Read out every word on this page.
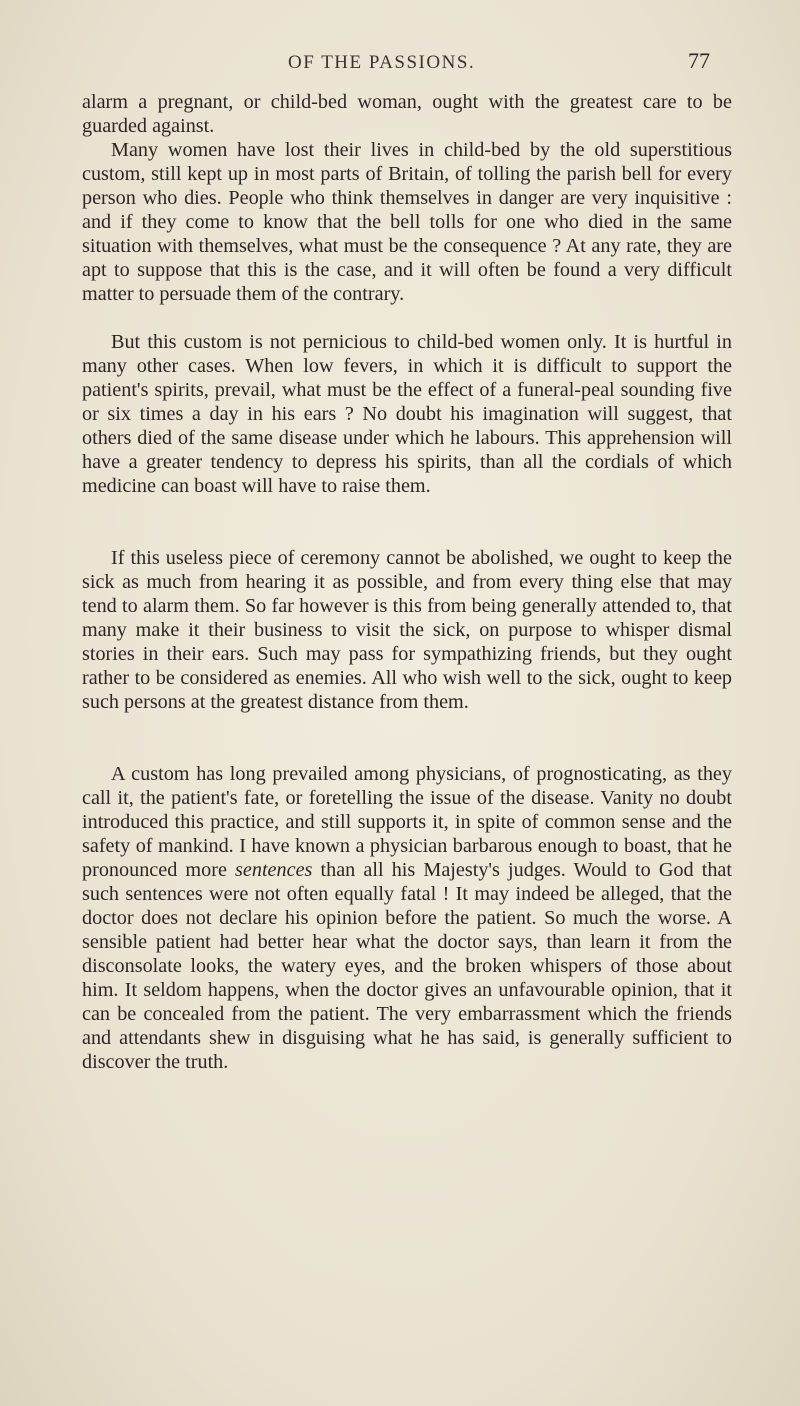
OF THE PASSIONS.	77

alarm a pregnant, or child-bed woman, ought with the greatest care to be guarded against.

Many women have lost their lives in child-bed by the old superstitious custom, still kept up in most parts of Britain, of tolling the parish bell for every person who dies. People who think themselves in danger are very inquisitive : and if they come to know that the bell tolls for one who died in the same situation with themselves, what must be the consequence ? At any rate, they are apt to suppose that this is the case, and it will often be found a very difficult matter to persuade them of the contrary.

But this custom is not pernicious to child-bed women only. It is hurtful in many other cases. When low fevers, in which it is difficult to support the patient's spirits, prevail, what must be the effect of a funeral-peal sounding five or six times a day in his ears ? No doubt his imagination will suggest, that others died of the same disease under which he labours. This apprehension will have a greater tendency to depress his spirits, than all the cordials of which medicine can boast will have to raise them.

If this useless piece of ceremony cannot be abolished, we ought to keep the sick as much from hearing it as possible, and from every thing else that may tend to alarm them. So far however is this from being generally attended to, that many make it their business to visit the sick, on purpose to whisper dismal stories in their ears. Such may pass for sympathizing friends, but they ought rather to be considered as enemies. All who wish well to the sick, ought to keep such persons at the greatest distance from them.

A custom has long prevailed among physicians, of prognosticating, as they call it, the patient's fate, or foretelling the issue of the disease. Vanity no doubt introduced this practice, and still supports it, in spite of common sense and the safety of mankind. I have known a physician barbarous enough to boast, that he pronounced more sentences than all his Majesty's judges. Would to God that such sentences were not often equally fatal ! It may indeed be alleged, that the doctor does not declare his opinion before the patient. So much the worse. A sensible patient had better hear what the doctor says, than learn it from the disconsolate looks, the watery eyes, and the broken whispers of those about him. It seldom happens, when the doctor gives an unfavourable opinion, that it can be concealed from the patient. The very embarrassment which the friends and attendants shew in disguising what he has said, is generally sufficient to discover the truth.
